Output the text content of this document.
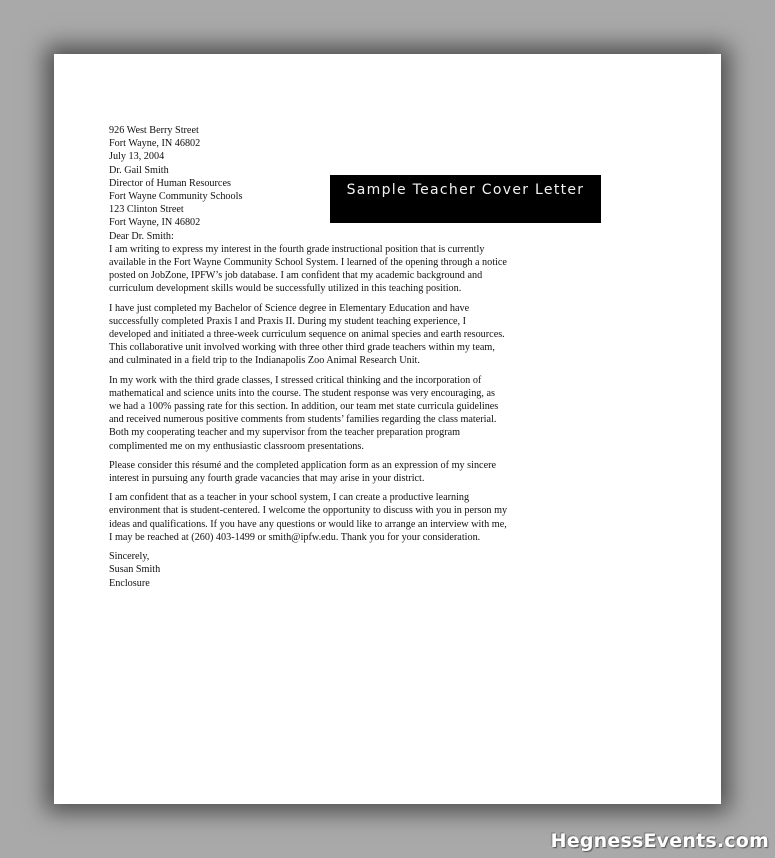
926 West Berry Street
Fort Wayne, IN 46802
July 13, 2004
Dr. Gail Smith
Director of Human Resources
Fort Wayne Community Schools
123 Clinton Street
Fort Wayne, IN 46802
Dear Dr. Smith:

I am writing to express my interest in the fourth grade instructional position that is currently
available in the Fort Wayne Community School System. I learned of the opening through a notice
posted on JobZone, IPFW’s job database. I am confident that my academic background and
curriculum development skills would be successfully utilized in this teaching position.

I have just completed my Bachelor of Science degree in Elementary Education and have
successfully completed Praxis I and Praxis II. During my student teaching experience, I
developed and initiated a three-week curriculum sequence on animal species and earth resources.
This collaborative unit involved working with three other third grade teachers within my team,
and culminated in a field trip to the Indianapolis Zoo Animal Research Unit.

In my work with the third grade classes, I stressed critical thinking and the incorporation of
mathematical and science units into the course. The student response was very encouraging, as
we had a 100% passing rate for this section. In addition, our team met state curricula guidelines
and received numerous positive comments from students’ families regarding the class material.
Both my cooperating teacher and my supervisor from the teacher preparation program
complimented me on my enthusiastic classroom presentations.

Please consider this résumé and the completed application form as an expression of my sincere
interest in pursuing any fourth grade vacancies that may arise in your district.

I am confident that as a teacher in your school system, I can create a productive learning
environment that is student-centered. I welcome the opportunity to discuss with you in person my
ideas and qualifications. If you have any questions or would like to arrange an interview with me,
I may be reached at (260) 403-1499 or smith@ipfw.edu. Thank you for your consideration.

Sincerely,
Susan Smith
Enclosure
Sample Teacher Cover Letter
HegnessEvents.com
